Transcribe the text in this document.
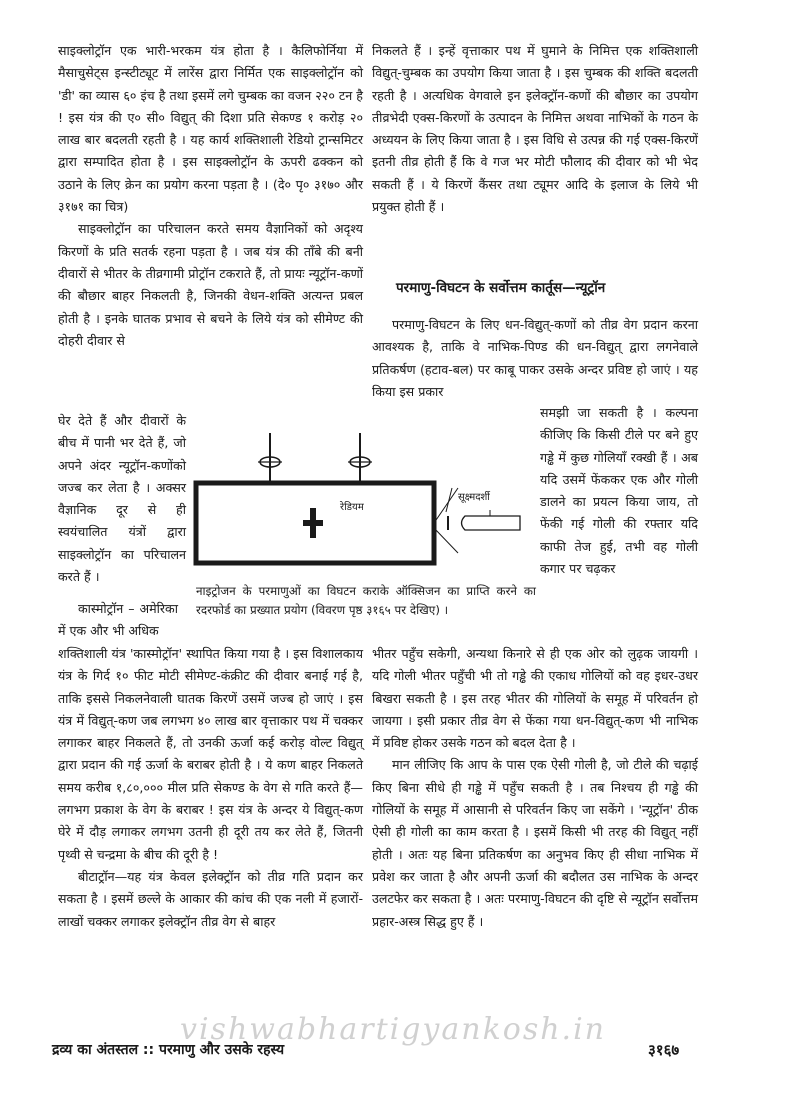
साइक्लोट्रॉन एक भारी-भरकम यंत्र होता है । कैलिफोर्निया में मैसाचुसेट्स इन्स्टीट्यूट में लारेंस द्वारा निर्मित एक साइक्लोट्रॉन को 'डी' का व्यास ६० इंच है तथा इसमें लगे चुम्बक का वजन २२० टन है ! इस यंत्र की ए० सी० विद्युत् की दिशा प्रति सेकण्ड १ करोड़ २० लाख बार बदलती रहती है । यह कार्य शक्तिशाली रेडियो ट्रान्समिटर द्वारा सम्पादित होता है । इस साइक्लोट्रॉन के ऊपरी ढक्कन को उठाने के लिए क्रेन का प्रयोग करना पड़ता है । (दे० पृ० ३१७० और ३१७१ का चित्र)

साइक्लोट्रॉन का परिचालन करते समय वैज्ञानिकों को अदृश्य किरणों के प्रति सतर्क रहना पड़ता है । जब यंत्र की ताँबे की बनी दीवारों से भीतर के तीव्रगामी प्रोट्रॉन टकराते हैं, तो प्रायः न्यूट्रॉन-कणों की बौछार बाहर निकलती है, जिनकी वेधन-शक्ति अत्यन्त प्रबल होती है । इनके घातक प्रभाव से बचने के लिये यंत्र को सीमेण्ट की दोहरी दीवार से

निकलते हैं । इन्हें वृत्ताकार पथ में घुमाने के निमित्त एक शक्तिशाली विद्युत्-चुम्बक का उपयोग किया जाता है । इस चुम्बक की शक्ति बदलती रहती है । अत्यधिक वेगवाले इन इलेक्ट्रॉन-कणों की बौछार का उपयोग तीव्रभेदी एक्स-किरणों के उत्पादन के निमित्त अथवा नाभिकों के गठन के अध्ययन के लिए किया जाता है । इस विधि से उत्पन्न की गई एक्स-किरणें इतनी तीव्र होती हैं कि वे गज भर मोटी फौलाद की दीवार को भी भेद सकती हैं । ये किरणें कैंसर तथा ट्यूमर आदि के इलाज के लिये भी प्रयुक्त होती हैं ।

परमाणु-विघटन के सर्वोत्तम कार्तूस—न्यूट्रॉन

परमाणु-विघटन के लिए धन-विद्युत्-कणों को तीव्र वेग प्रदान करना आवश्यक है, ताकि वे नाभिक-पिण्ड की धन-विद्युत् द्वारा लगनेवाले प्रतिकर्षण (हटाव-बल) पर काबू पाकर उसके अन्दर प्रविष्ट हो जाएं । यह किया इस प्रकार

समझी जा सकती है । कल्पना कीजिए कि किसी टीले पर बने हुए गड्ढे में कुछ गोलियाँ रक्खी हैं । अब यदि उसमें फेंककर एक और गोली डालने का प्रयत्न किया जाय, तो फेंकी गई गोली की रफ्तार यदि काफी तेज हुई, तभी वह गोली कगार पर चढ़कर

घेर देते हैं और दीवारों के बीच में पानी भर देते हैं, जो अपने अंदर न्यूट्रॉन-कणोंको जज्ब कर लेता है । अक्सर वैज्ञानिक दूर से ही स्वयंचालित यंत्रों द्वारा साइक्लोट्रॉन का परिचालन करते हैं ।

कास्मोट्रॉन – अमेरिका में एक और भी अधिक

रेडियम
सूक्ष्मदर्शी
नाइट्रोजन के परमाणुओं का विघटन कराके ऑक्सिजन का प्राप्ति करने का रदरफोर्ड का प्रख्यात प्रयोग (विवरण पृष्ठ ३१६५ पर देखिए) ।

शक्तिशाली यंत्र 'कास्मोट्रॉन' स्थापित किया गया है । इस विशालकाय यंत्र के गिर्द १० फीट मोटी सीमेण्ट-कंक्रीट की दीवार बनाई गई है, ताकि इससे निकलनेवाली घातक किरणें उसमें जज्ब हो जाएं । इस यंत्र में विद्युत्-कण जब लगभग ४० लाख बार वृत्ताकार पथ में चक्कर लगाकर बाहर निकलते हैं, तो उनकी ऊर्जा कई करोड़ वोल्ट विद्युत् द्वारा प्रदान की गई ऊर्जा के बराबर होती है । ये कण बाहर निकलते समय करीब १,८०,००० मील प्रति सेकण्ड के वेग से गति करते हैं—लगभग प्रकाश के वेग के बराबर ! इस यंत्र के अन्दर ये विद्युत्-कण घेरे में दौड़ लगाकर लगभग उतनी ही दूरी तय कर लेते हैं, जितनी पृथ्वी से चन्द्रमा के बीच की दूरी है !

बीटाट्रॉन—यह यंत्र केवल इलेक्ट्रॉन को तीव्र गति प्रदान कर सकता है । इसमें छल्ले के आकार की कांच की एक नली में हजारों-लाखों चक्कर लगाकर इलेक्ट्रॉन तीव्र वेग से बाहर

भीतर पहुँच सकेगी, अन्यथा किनारे से ही एक ओर को लुढ़क जायगी । यदि गोली भीतर पहुँची भी तो गड्ढे की एकाध गोलियों को वह इधर-उधर बिखरा सकती है । इस तरह भीतर की गोलियों के समूह में परिवर्तन हो जायगा । इसी प्रकार तीव्र वेग से फेंका गया धन-विद्युत्-कण भी नाभिक में प्रविष्ट होकर उसके गठन को बदल देता है ।

मान लीजिए कि आप के पास एक ऐसी गोली है, जो टीले की चढ़ाई किए बिना सीधे ही गड्ढे में पहुँच सकती है । तब निश्चय ही गड्ढे की गोलियों के समूह में आसानी से परिवर्तन किए जा सकेंगे । 'न्यूट्रॉन' ठीक ऐसी ही गोली का काम करता है । इसमें किसी भी तरह की विद्युत् नहीं होती । अतः यह बिना प्रतिकर्षण का अनुभव किए ही सीधा नाभिक में प्रवेश कर जाता है और अपनी ऊर्जा की बदौलत उस नाभिक के अन्दर उलटफेर कर सकता है । अतः परमाणु-विघटन की दृष्टि से न्यूट्रॉन सर्वोत्तम प्रहार-अस्त्र सिद्ध हुए हैं ।

vishwabhartigyankosh.in
द्रव्य का अंतस्तल :: परमाणु और उसके रहस्य	३१६७
